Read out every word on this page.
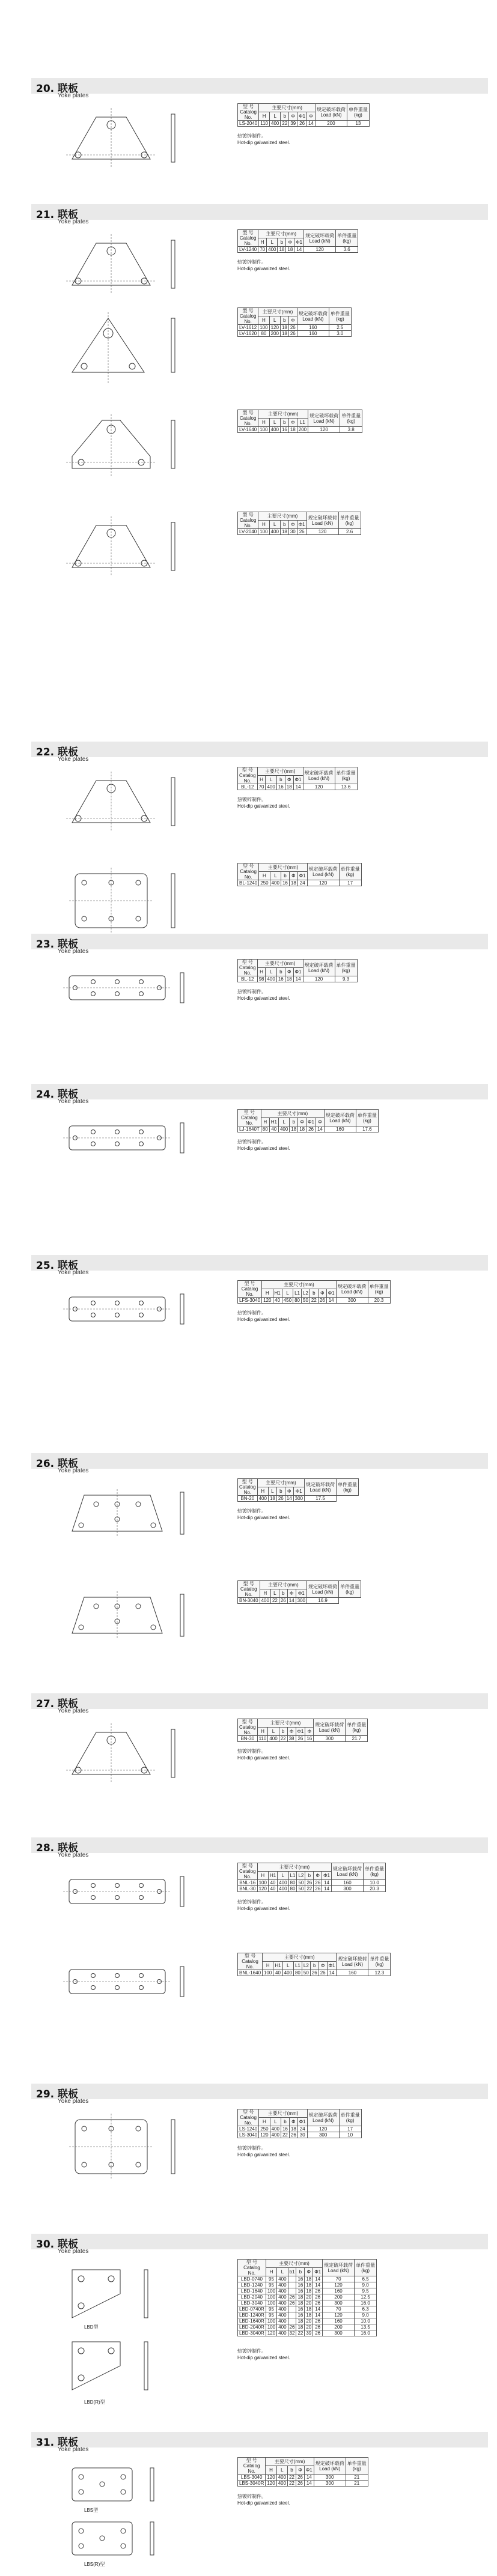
20. 联板
Yoke plates
型 号
Catalog
No.	主要尺寸(mm)						规定破坏载荷
Load (kN)	单件重量
(kg)
	H	L	b	Φ	Φ1	Φ		
LS-2040	110	400	22	39	26	14	200	13
热镀锌制件。
Hot-dip galvanized steel.
21. 联板
Yoke plates
型 号
Catalog
No.	主要尺寸(mm)					规定破坏载荷
Load (kN)	单件重量
(kg)
	H	L	b	Φ	Φ1		
LV-1240	70	400	18	18	14	120	3.6
热镀锌制件。
Hot-dip galvanized steel.
型 号
Catalog
No.	主要尺寸(mm)				规定破坏载荷
Load (kN)	单件重量
(kg)
	H	L	b	Φ		
LV-1612	100	120	18	26	160	2.5
LV-1620	80	200	18	26	160	3.0
型 号
Catalog
No.	主要尺寸(mm)					规定破坏载荷
Load (kN)	单件重量
(kg)
	H	L	b	Φ	L1		
LV-1640	100	400	16	18	200	120	3.8
型 号
Catalog
No.	主要尺寸(mm)					规定破坏载荷
Load (kN)	单件重量
(kg)
	H	L	b	Φ	Φ1		
LV-2040	100	400	18	30	26	120	2.6
22. 联板
Yoke plates
型 号
Catalog
No.	主要尺寸(mm)					规定破坏载荷
Load (kN)	单件重量
(kg)
	H	L	b	Φ	Φ1		
BL-12	70	400	16	18	14	120	13.6
热镀锌制件。
Hot-dip galvanized steel.
型 号
Catalog
No.	主要尺寸(mm)					规定破坏载荷
Load (kN)	单件重量
(kg)
	H	L	b	Φ	Φ1		
BL-1240	250	400	16	18	24	120	17
23. 联板
Yoke plates
型 号
Catalog
No.	主要尺寸(mm)					规定破坏载荷
Load (kN)	单件重量
(kg)
	H	L	b	Φ	Φ1		
BL-12	98	400	16	18	14	120	9.3
热镀锌制件。
Hot-dip galvanized steel.
24. 联板
Yoke plates
型 号
Catalog
No.	主要尺寸(mm)							规定破坏载荷
Load (kN)	单件重量
(kg)
	H	H1	L	b	Φ	Φ1	Φ		
LJ-1640T	80	40	400	18	18	26	14	160	17.6
热镀锌制件。
Hot-dip galvanized steel.
25. 联板
Yoke plates
型 号
Catalog
No.	主要尺寸(mm)								规定破坏载荷
Load (kN)	单件重量
(kg)
	H	H1	L	L1	L2	b	Φ	Φ1		
LFS-3040	120	40	450	80	50	22	26	14	300	20.3
热镀锌制件。
Hot-dip galvanized steel.
26. 联板
Yoke plates
型 号
Catalog
No.	主要尺寸(mm)					规定破坏载荷
Load (kN)	单件重量
(kg)
	H	L	b	Φ	Φ1		
BN-20	400	18	26	14	300	17.5	
热镀锌制件。
Hot-dip galvanized steel.
型 号
Catalog
No.	主要尺寸(mm)					规定破坏载荷
Load (kN)	单件重量
(kg)
	H	L	b	Φ	Φ1		
BN-3040	400	22	26	14	300	16.9	
27. 联板
Yoke plates
型 号
Catalog
No.	主要尺寸(mm)						规定破坏载荷
Load (kN)	单件重量
(kg)
	H	L	b	Φ	Φ1	Φ		
BN-30	110	400	22	38	26	16	300	21.7
热镀锌制件。
Hot-dip galvanized steel.
28. 联板
Yoke plates
型 号
Catalog
No.	主要尺寸(mm)								规定破坏载荷
Load (kN)	单件重量
(kg)
	H	H1	L	L1	L2	b	Φ	Φ1		
BNL-16	100	40	400	80	50	26	26	14	160	10.0
BNL-30	120	40	400	80	50	22	26	14	300	20.3
热镀锌制件。
Hot-dip galvanized steel.
型 号
Catalog
No.	主要尺寸(mm)								规定破坏载荷
Load (kN)	单件重量
(kg)
	H	H1	L	L1	L2	b	Φ	Φ1		
BNL-1640	100	40	400	80	50	26	26	14	160	12.3
29. 联板
Yoke plates
型 号
Catalog
No.	主要尺寸(mm)					规定破坏载荷
Load (kN)	单件重量
(kg)
	H	L	b	Φ	Φ1		
LS-1240	250	400	16	18	24	120	17
LS-3040	120	400	22	26	30	300	10
热镀锌制件。
Hot-dip galvanized steel.
30. 联板
Yoke plates
LBD型
LBD(R)型
型 号
Catalog
No.	主要尺寸(mm)						规定破坏载荷
Load (kN)	单件重量
(kg)
	H	L	b1	b	Φ	Φ1		
LBD-0740	95	400		16	18	14	70	6.5
LBD-1240	95	400		16	18	14	120	9.0
LBD-1640	100	400		16	18	26	160	9.5
LBD-2040	100	400	26	18	20	26	200	12.5
LBD-3040	100	400	26	18	20	26	300	16.0
LBD-0740R	95	400		16	18	14	70	6.3
LBD-1240R	95	400		16	18	14	120	9.0
LBD-1640R	100	400		18	20	26	160	10.0
LBD-2040R	100	400	26	18	20	26	200	13.5
LBD-3040R	120	400	32	22	39	26	300	16.0
热镀锌制件。
Hot-dip galvanized steel.
31. 联板
Yoke plates
LBS型
LBS(R)型
型 号
Catalog
No.	主要尺寸(mm)					规定破坏载荷
Load (kN)	单件重量
(kg)
	H	L	b	Φ	Φ1		
LBS-3040	120	400	22	26	14	300	21
LBS-3040R	120	400	22	26	14	300	21
热镀锌制件。
Hot-dip galvanized steel.
